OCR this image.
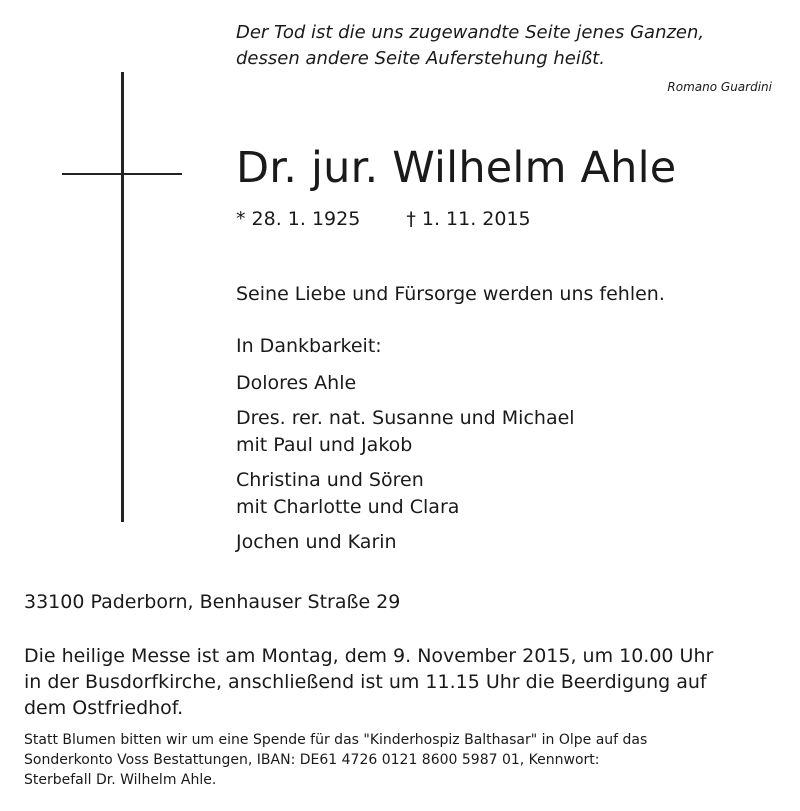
Der Tod ist die uns zugewandte Seite jenes Ganzen,
dessen andere Seite Auferstehung heißt.
Romano Guardini
Dr. jur. Wilhelm Ahle
* 28. 1. 1925 † 1. 11. 2015
Seine Liebe und Fürsorge werden uns fehlen.
In Dankbarkeit:
Dolores Ahle
Dres. rer. nat. Susanne und Michael
mit Paul und Jakob
Christina und Sören
mit Charlotte und Clara
Jochen und Karin
33100 Paderborn, Benhauser Straße 29
Die heilige Messe ist am Montag, dem 9. November 2015, um 10.00 Uhr
in der Busdorfkirche, anschließend ist um 11.15 Uhr die Beerdigung auf
dem Ostfriedhof.
Statt Blumen bitten wir um eine Spende für das "Kinderhospiz Balthasar" in Olpe auf das
Sonderkonto Voss Bestattungen, IBAN: DE61 4726 0121 8600 5987 01, Kennwort:
Sterbefall Dr. Wilhelm Ahle.
